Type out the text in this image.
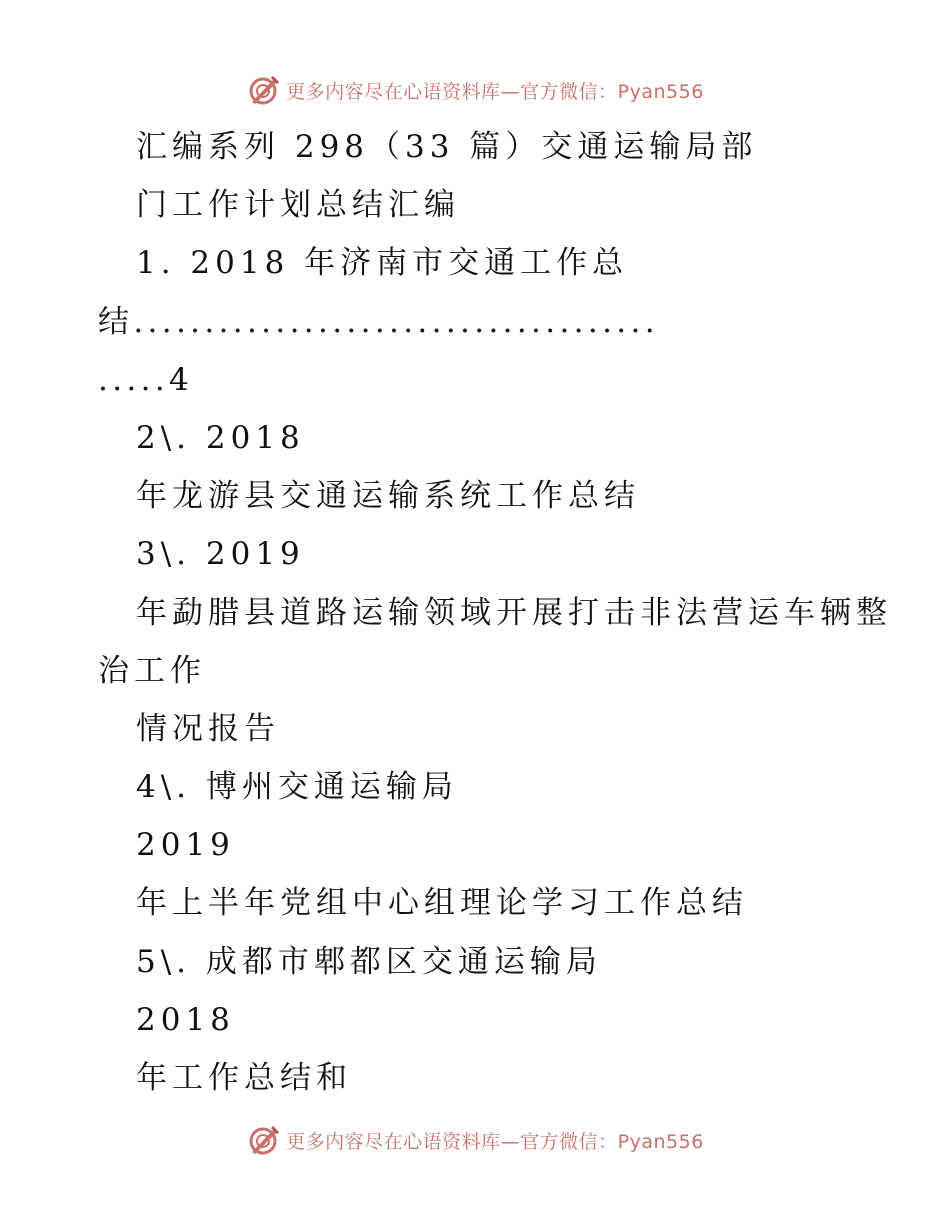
更多内容尽在心语资料库—官方微信：Pyan556
汇编系列 298（33 篇）交通运输局部
门工作计划总结汇编
1. 2018 年济南市交通工作总
结.....................................
.....4
2\. 2018
年龙游县交通运输系统工作总结
3\. 2019
年勐腊县道路运输领域开展打击非法营运车辆整
治工作
情况报告
4\. 博州交通运输局
2019
年上半年党组中心组理论学习工作总结
5\. 成都市郫都区交通运输局
2018
年工作总结和
更多内容尽在心语资料库—官方微信：Pyan556
